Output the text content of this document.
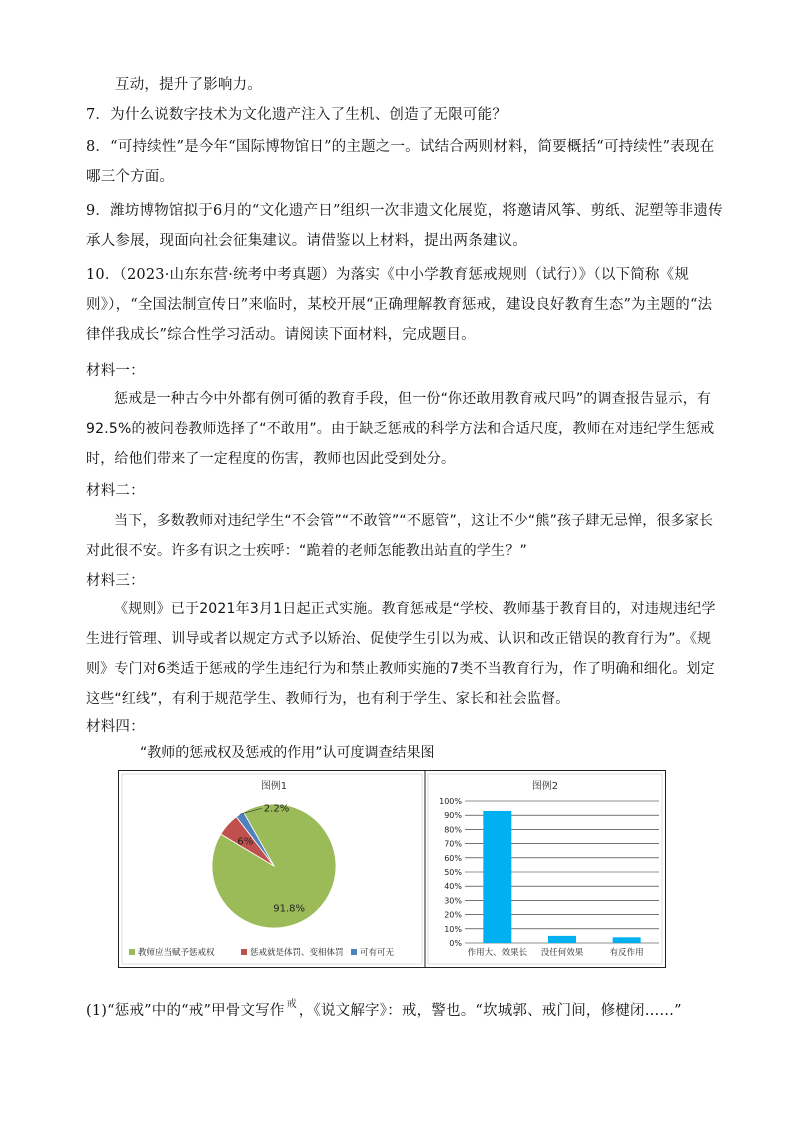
互动，提升了影响力。

7．为什么说数字技术为文化遗产注入了生机、创造了无限可能？

8．“可持续性”是今年“国际博物馆日”的主题之一。试结合两则材料，简要概括“可持续性”表现在哪三个方面。

9．潍坊博物馆拟于6月的“文化遗产日”组织一次非遗文化展览，将邀请风筝、剪纸、泥塑等非遗传承人参展，现面向社会征集建议。请借鉴以上材料，提出两条建议。

10．（2023·山东东营·统考中考真题）为落实《中小学教育惩戒规则（试行）》（以下简称《规则》），“全国法制宣传日”来临时，某校开展“正确理解教育惩戒，建设良好教育生态”为主题的“法律伴我成长”综合性学习活动。请阅读下面材料，完成题目。

材料一：

惩戒是一种古今中外都有例可循的教育手段，但一份“你还敢用教育戒尺吗”的调查报告显示，有92.5%的被问卷教师选择了“不敢用”。由于缺乏惩戒的科学方法和合适尺度，教师在对违纪学生惩戒时，给他们带来了一定程度的伤害，教师也因此受到处分。

材料二：

当下，多数教师对违纪学生“不会管”“不敢管”“不愿管”，这让不少“熊”孩子肆无忌惮，很多家长对此很不安。许多有识之士疾呼：“跪着的老师怎能教出站直的学生？”

材料三：

《规则》已于2021年3月1日起正式实施。教育惩戒是“学校、教师基于教育目的，对违规违纪学生进行管理、训导或者以规定方式予以矫治、促使学生引以为戒、认识和改正错误的教育行为”。《规则》专门对6类适于惩戒的学生违纪行为和禁止教师实施的7类不当教育行为，作了明确和细化。划定这些“红线”，有利于规范学生、教师行为，也有利于学生、家长和社会监督。

材料四：

“教师的惩戒权及惩戒的作用”认可度调查结果图
图例1
91.8%
6%
2.2%
教师应当赋予惩戒权	惩戒就是体罚、变相体罚 可有可无
图例2
0%
10%
20%
30%
40%
50%
60%
70%
80%
90%
100%
作用大、效果长 没任何效果	有反作用

(1)“惩戒”中的“戒”甲骨文写作 戒 ，《说文解字》：戒，警也。“坎城郭、戒门间，修楗闭……”
